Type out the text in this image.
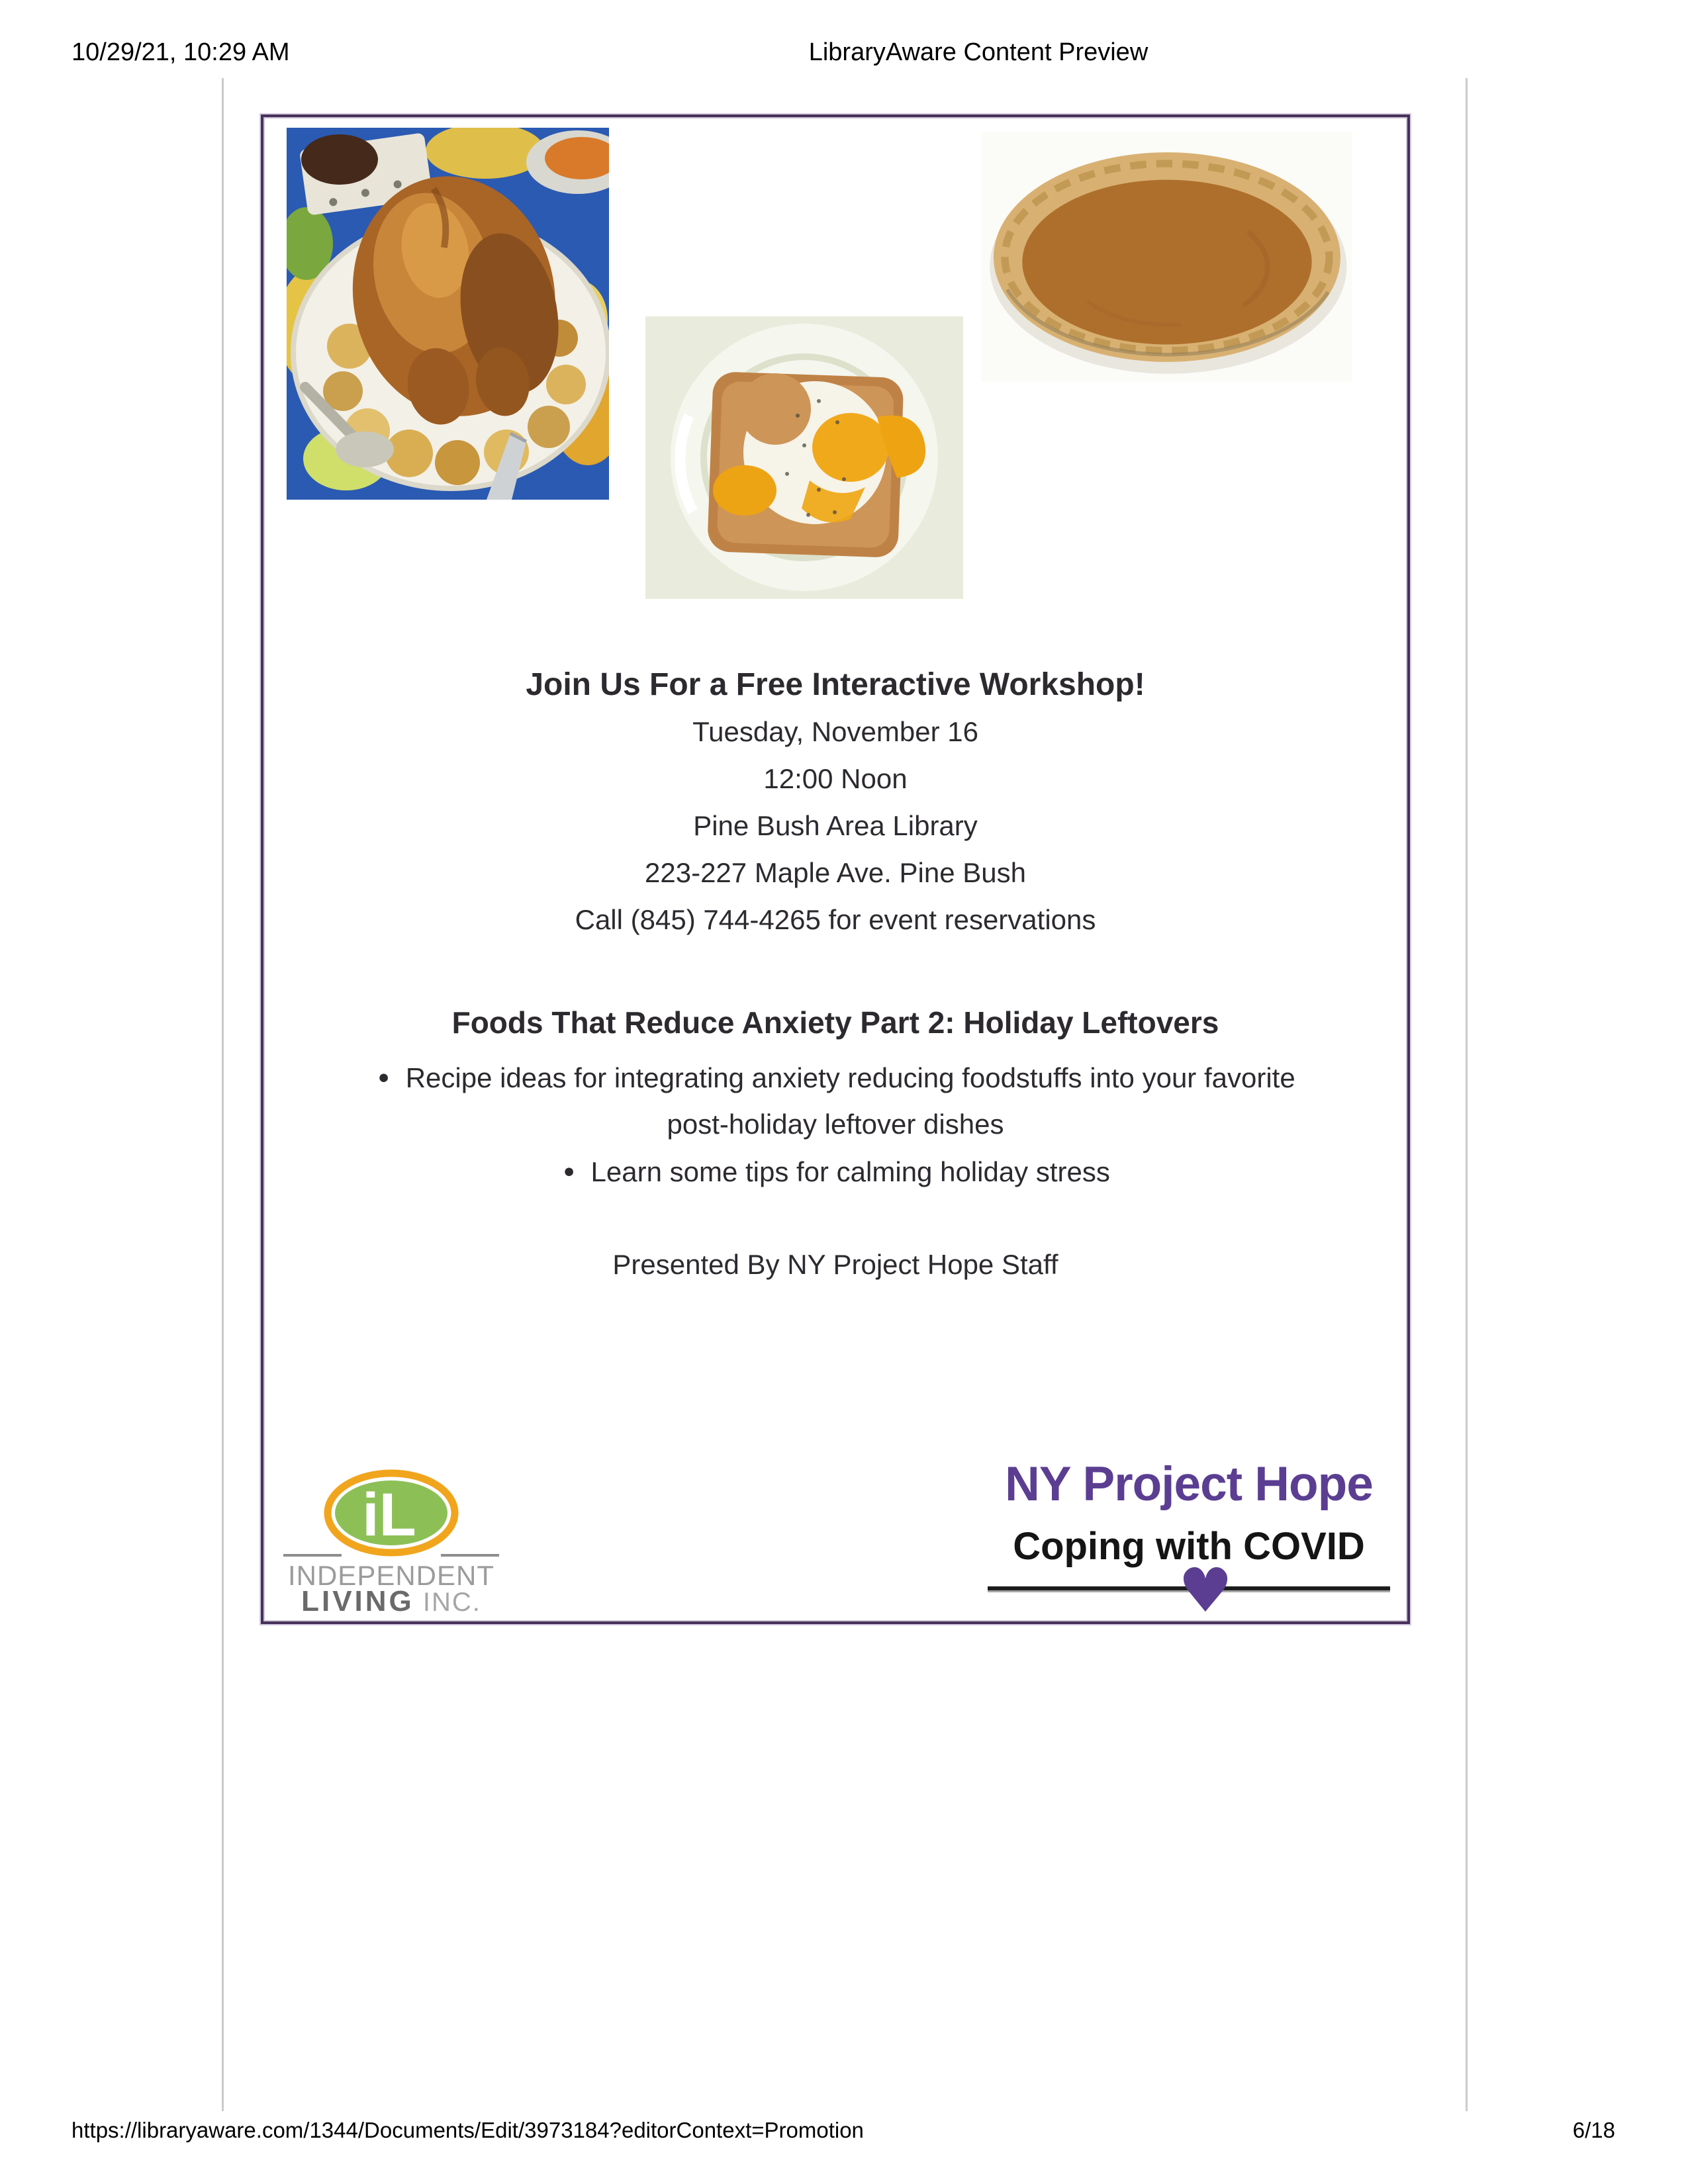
10/29/21, 10:29 AM	LibraryAware Content Preview
Join Us For a Free Interactive Workshop!
Tuesday, November 16
12:00 Noon
Pine Bush Area Library
223-227 Maple Ave. Pine Bush
Call (845) 744-4265 for event reservations
Foods That Reduce Anxiety Part 2: Holiday Leftovers
● Recipe ideas for integrating anxiety reducing foodstuffs into your favorite
post-holiday leftover dishes
● Learn some tips for calming holiday stress
Presented By NY Project Hope Staff
iL
INDEPENDENT
LIVING INC.
NY Project Hope
Coping with COVID
♥
https://libraryaware.com/1344/Documents/Edit/3973184?editorContext=Promotion	6/18
